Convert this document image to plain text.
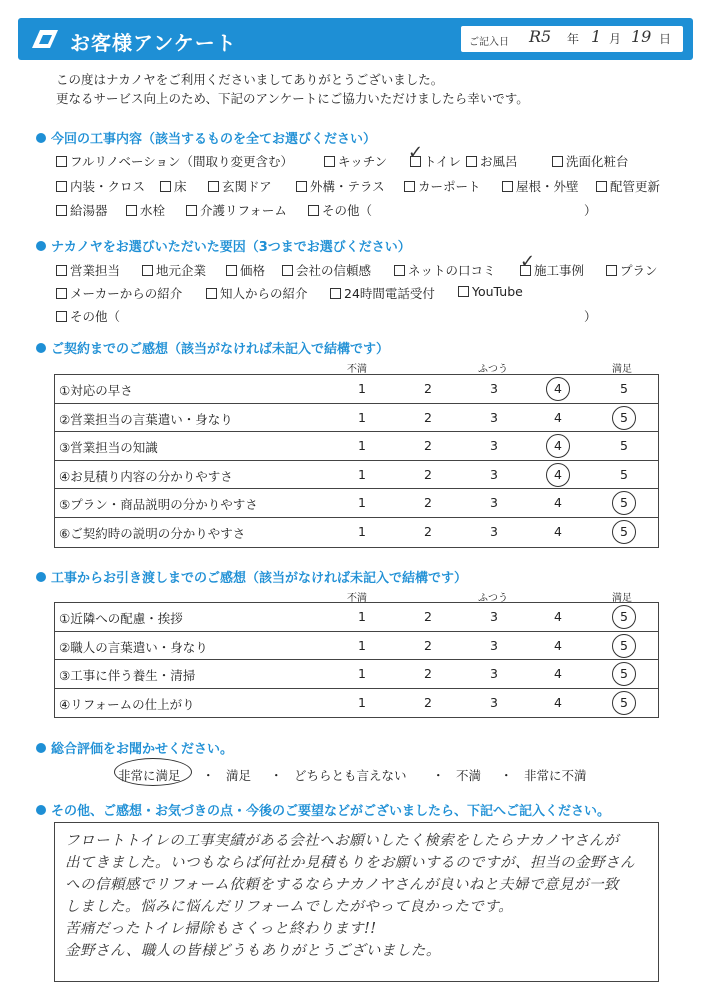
お客様アンケート	ご記入日 R5 年 1 月 19 日
この度はナカノヤをご利用くださいましてありがとうございました。
更なるサービス向上のため、下記のアンケートにご協力いただけましたら幸いです。
今回の工事内容（該当するものを全てお選びください）
フルリノベーション（間取り変更含む）	キッチン	トイレ
✓	お風呂	洗面化粧台
内装・クロス	床	玄関ドア	外構・テラス	カーポート	屋根・外壁	配管更新
給湯器	水栓	介護リフォーム	その他（	）
ナカノヤをお選びいただいた要因（3つまでお選びください）
営業担当	地元企業	価格	会社の信頼感	ネットの口コミ	施工事例
✓	プラン
メーカーからの紹介	知人からの紹介	24時間電話受付	YouTube
その他（	）
ご契約までのご感想（該当がなければ未記入で結構です）
不満	ふつう	満足
①対応の早さ	1	2	3	4	5
②営業担当の言葉遣い・身なり	1	2	3	4	5
③営業担当の知識	1	2	3	4	5
④お見積り内容の分かりやすさ	1	2	3	4	5
⑤プラン・商品説明の分かりやすさ	1	2	3	4	5
⑥ご契約時の説明の分かりやすさ	1	2	3	4	5
工事からお引き渡しまでのご感想（該当がなければ未記入で結構です）
不満	ふつう	満足
①近隣への配慮・挨拶	1	2	3	4	5
②職人の言葉遣い・身なり	1	2	3	4	5
③工事に伴う養生・清掃	1	2	3	4	5
④リフォームの仕上がり	1	2	3	4	5
総合評価をお聞かせください。
非常に満足 ・ 満足 ・ どちらとも言えない ・ 不満 ・ 非常に不満
その他、ご感想・お気づきの点・今後のご要望などがございましたら、下記へご記入ください。
フロートトイレの工事実績がある会社へお願いしたく検索をしたらナカノヤさんが
出てきました。いつもならば何社か見積もりをお願いするのですが、担当の金野さん
への信頼感でリフォーム依頼をするならナカノヤさんが良いねと夫婦で意見が一致
しました。悩みに悩んだリフォームでしたがやって良かったです。
苦痛だったトイレ掃除もさくっと終わります!!
金野さん、職人の皆様どうもありがとうございました。
